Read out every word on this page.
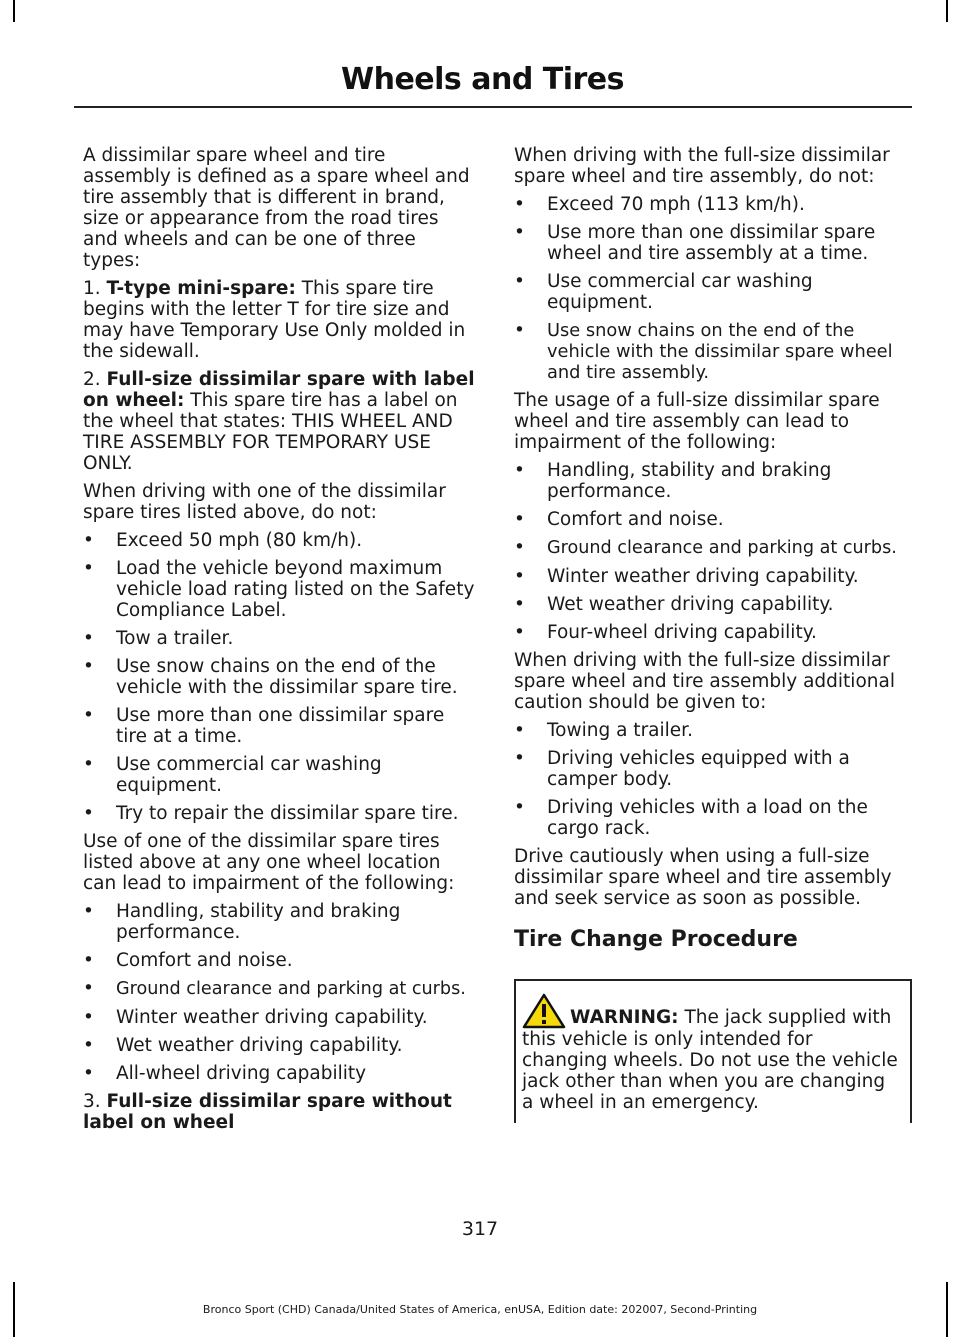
Wheels and Tires

A dissimilar spare wheel and tire assembly is defined as a spare wheel and tire assembly that is different in brand, size or appearance from the road tires and wheels and can be one of three types:

1. T-type mini-spare: This spare tire begins with the letter T for tire size and may have Temporary Use Only molded in the sidewall.

2. Full-size dissimilar spare with label on wheel: This spare tire has a label on the wheel that states: THIS WHEEL AND TIRE ASSEMBLY FOR TEMPORARY USE ONLY.

When driving with one of the dissimilar spare tires listed above, do not:

• Exceed 50 mph (80 km/h).
• Load the vehicle beyond maximum vehicle load rating listed on the Safety Compliance Label.
• Tow a trailer.
• Use snow chains on the end of the vehicle with the dissimilar spare tire.
• Use more than one dissimilar spare tire at a time.
• Use commercial car washing equipment.
• Try to repair the dissimilar spare tire.

Use of one of the dissimilar spare tires listed above at any one wheel location can lead to impairment of the following:

• Handling, stability and braking performance.
• Comfort and noise.
• Ground clearance and parking at curbs.
• Winter weather driving capability.
• Wet weather driving capability.
• All-wheel driving capability

3. Full-size dissimilar spare without label on wheel

When driving with the full-size dissimilar spare wheel and tire assembly, do not:

• Exceed 70 mph (113 km/h).
• Use more than one dissimilar spare wheel and tire assembly at a time.
• Use commercial car washing equipment.
• Use snow chains on the end of the vehicle with the dissimilar spare wheel and tire assembly.

The usage of a full-size dissimilar spare wheel and tire assembly can lead to impairment of the following:

• Handling, stability and braking performance.
• Comfort and noise.
• Ground clearance and parking at curbs.
• Winter weather driving capability.
• Wet weather driving capability.
• Four-wheel driving capability.

When driving with the full-size dissimilar spare wheel and tire assembly additional caution should be given to:

• Towing a trailer.
• Driving vehicles equipped with a camper body.
• Driving vehicles with a load on the cargo rack.

Drive cautiously when using a full-size dissimilar spare wheel and tire assembly and seek service as soon as possible.

Tire Change Procedure
WARNING: The jack supplied with this vehicle is only intended for changing wheels. Do not use the vehicle jack other than when you are changing a wheel in an emergency.
317
Bronco Sport (CHD) Canada/United States of America, enUSA, Edition date: 202007, Second-Printing
